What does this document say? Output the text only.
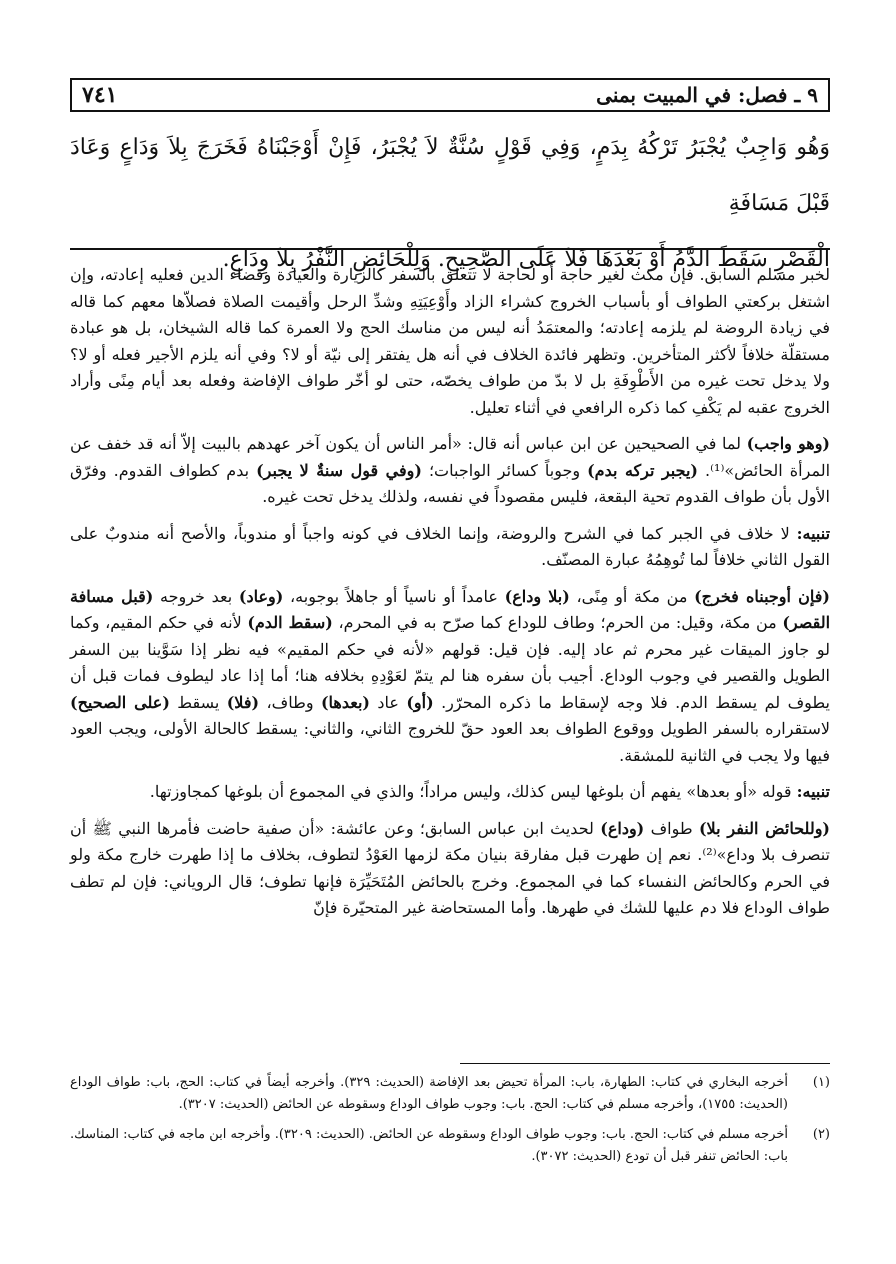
٩ ـ فصل: في المبيت بمنى
٧٤١

وَهُو وَاجِبٌ يُجْبَرُ تَرْكُهُ بِدَمٍ، وَفِي قَوْلٍ سُنَّةٌ لاَ يُجْبَرُ، فَإِنْ أَوْجَبْنَاهُ فَخَرَجَ بِلاَ وَدَاعٍ وَعَادَ قَبْلَ مَسَافَةِ

الْقَصْرِ سَقَطَ الدَّمُ أَوْ بَعْدَهَا فَلاَ عَلَى الصَّحِيحِ. وَلِلْحَائِضِ النَّفْرُ بِلاَ وِدَاعٍ.

لخبر مسلم السابق. فإن مكث لغير حاجة أو لحاجة لا تتعلق بالسفر كالزيارة والعيادة وقضاء الدين فعليه إعادته، وإن اشتغل بركعتي الطواف أو بأسباب الخروج كشراء الزاد وأَوْعِيَتِهِ وشدِّ الرحل وأقيمت الصلاة فصلاّها معهم كما قاله في زيادة الروضة لم يلزمه إعادته؛ والمعتمَدُ أنه ليس من مناسك الحج ولا العمرة كما قاله الشيخان، بل هو عبادة مستقلّة خلافاً لأكثر المتأخرين. وتظهر فائدة الخلاف في أنه هل يفتقر إلى نيّة أو لا؟ وفي أنه يلزم الأجير فعله أو لا؟ ولا يدخل تحت غيره من الأَطْوِفَةِ بل لا بدّ من طواف يخصّه، حتى لو أخّر طواف الإفاضة وفعله بعد أيام مِنًى وأراد الخروج عقبه لم يَكْفِ كما ذكره الرافعي في أثناء تعليل.

(وهو واجب) لما في الصحيحين عن ابن عباس أنه قال: «أمر الناس أن يكون آخر عهدهم بالبيت إلاّ أنه قد خفف عن المرأة الحائض»⁽¹⁾. (يجبر تركه بدم) وجوباً كسائر الواجبات؛ (وفي قول سنةٌ لا يجبر) بدم كطواف القدوم. وفرّق الأول بأن طواف القدوم تحية البقعة، فليس مقصوداً في نفسه، ولذلك يدخل تحت غيره.

تنبيه: لا خلاف في الجبر كما في الشرح والروضة، وإنما الخلاف في كونه واجباً أو مندوباً، والأصح أنه مندوبٌ على القول الثاني خلافاً لما تُوهِمُهُ عبارة المصنّف.

(فإن أوجبناه فخرج) من مكة أو مِنًى، (بلا وداع) عامداً أو ناسياً أو جاهلاً بوجوبه، (وعاد) بعد خروجه (قبل مسافة القصر) من مكة، وقيل: من الحرم؛ وطاف للوداع كما صرّح به في المحرم، (سقط الدم) لأنه في حكم المقيم، وكما لو جاوز الميقات غير محرم ثم عاد إليه. فإن قيل: قولهم «لأنه في حكم المقيم» فيه نظر إذا سَوَّينا بين السفر الطويل والقصير في وجوب الوداع. أجيب بأن سفره هنا لم يتمّ لعَوْدِهِ بخلافه هنا؛ أما إذا عاد ليطوف فمات قبل أن يطوف لم يسقط الدم. فلا وجه لإسقاط ما ذكره المحرّر. (أو) عاد (بعدها) وطاف، (فلا) يسقط (على الصحيح) لاستقراره بالسفر الطويل ووقوع الطواف بعد العود حقّ للخروج الثاني، والثاني: يسقط كالحالة الأولى، ويجب العود فيها ولا يجب في الثانية للمشقة.

تنبيه: قوله «أو بعدها» يفهم أن بلوغها ليس كذلك، وليس مراداً؛ والذي في المجموع أن بلوغها كمجاوزتها.

(وللحائض النفر بلا) طواف (وداع) لحديث ابن عباس السابق؛ وعن عائشة: «أن صفية حاضت فأمرها النبي ﷺ أن تنصرف بلا وداع»⁽²⁾. نعم إن طهرت قبل مفارقة بنيان مكة لزمها العَوْدُ لتطوف، بخلاف ما إذا طهرت خارج مكة ولو في الحرم وكالحائض النفساء كما في المجموع. وخرج بالحائض المُتَحَيِّرَة فإنها تطوف؛ قال الروياني: فإن لم تطف طواف الوداع فلا دم عليها للشك في طهرها. وأما المستحاضة غير المتحيّرة فإنّ

(١)
أخرجه البخاري في كتاب: الطهارة، باب: المرأة تحيض بعد الإفاضة (الحديث: ٣٢٩). وأخرجه أيضاً في كتاب: الحج، باب: طواف الوداع (الحديث: ١٧٥٥)، وأخرجه مسلم في كتاب: الحج. باب: وجوب طواف الوداع وسقوطه عن الحائض (الحديث: ٣٢٠٧).
(٢)
أخرجه مسلم في كتاب: الحج. باب: وجوب طواف الوداع وسقوطه عن الحائض. (الحديث: ٣٢٠٩). وأخرجه ابن ماجه في كتاب: المناسك. باب: الحائض تنفر قبل أن تودع (الحديث: ٣٠٧٢).
